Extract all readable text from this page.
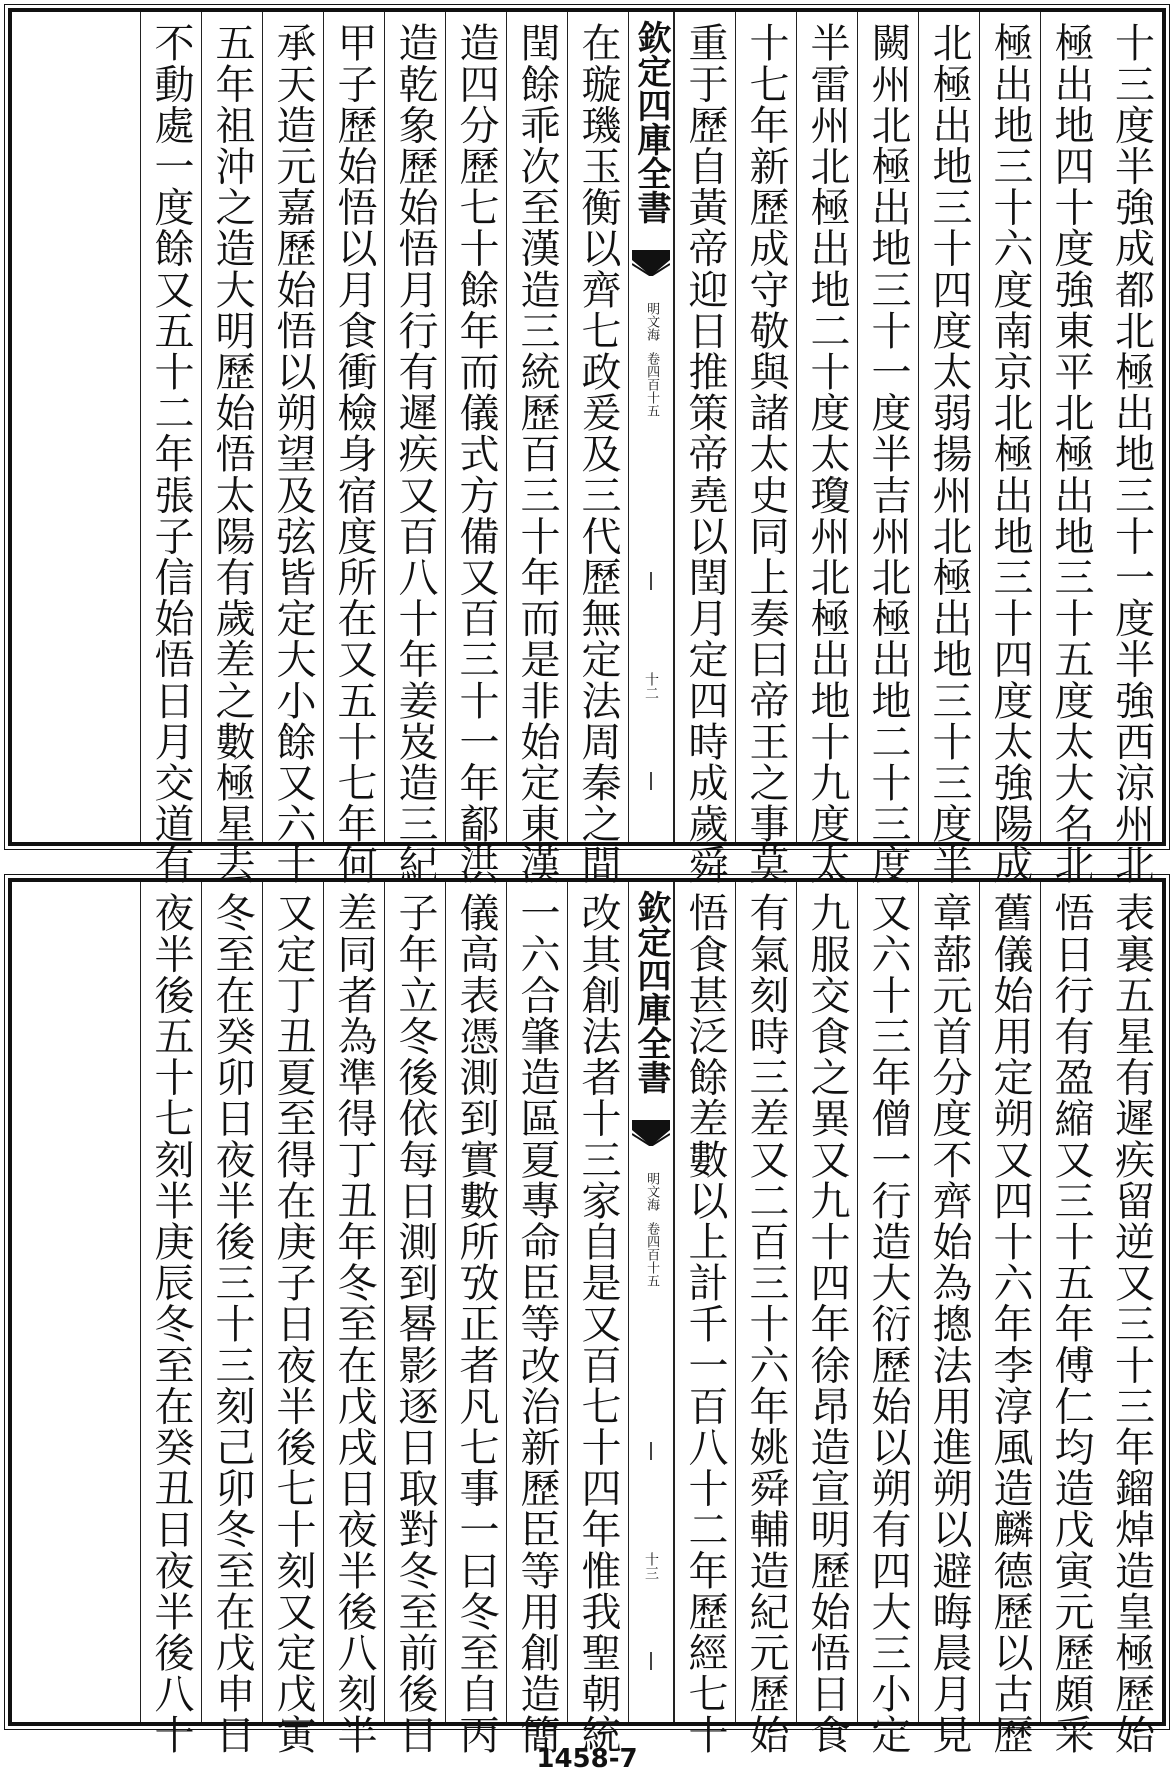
十三度半強成都北極出地三十一度半強西涼州北
極出地四十度強東平北極出地三十五度太大名北
極出地三十六度南京北極出地三十四度太強陽成
北極出地三十四度太弱揚州北極出地三十三度半
闕州北極出地三十一度半吉州北極出地二十三度
半雷州北極出地二十度太瓊州北極出地十九度太
十七年新歷成守敬與諸太史同上奏曰帝王之事莫
重于歷自黃帝迎日推策帝堯以閏月定四時成歲舜
欽定四庫全書
明文海
卷四百十五
十二
在璇璣玉衡以齊七政爰及三代歷無定法周秦之間
閏餘乖次至漢造三統歷百三十年而是非始定東漢
造四分歷七十餘年而儀式方備又百三十一年鄐洪
造乾象歷始悟月行有遲疾又百八十年姜岌造三紀
甲子歷始悟以月食衝檢身宿度所在又五十七年何
承天造元嘉歷始悟以朔望及弦皆定大小餘又六十
五年祖沖之造大明歷始悟太陽有歲差之數極星去
不動處一度餘又五十二年張子信始悟日月交道有
表裏五星有遲疾留逆又三十三年鎦焯造皇極歷始
悟日行有盈縮又三十五年傅仁均造戊寅元歷頗采
舊儀始用定朔又四十六年李淳風造麟德歷以古歷
章蔀元首分度不齊始為摠法用進朔以避晦晨月見
又六十三年僧一行造大衍歷始以朔有四大三小定
九服交食之異又九十四年徐昂造宣明歷始悟日食
有氣刻時三差又二百三十六年姚舜輔造紀元歷始
悟食甚泛餘差數以上計千一百八十二年歷經七十
欽定四庫全書
明文海
卷四百十五
十三
改其創法者十三家自是又百七十四年惟我聖朝統
一六合肇造區夏專命臣等改治新歷臣等用創造簡
儀高表憑測到實數所攷正者凡七事一曰冬至自丙
子年立冬後依每日測到晷影逐日取對冬至前後日
差同者為準得丁丑年冬至在戊戌日夜半後八刻半
又定丁丑夏至得在庚子日夜半後七十刻又定戊寅
冬至在癸卯日夜半後三十三刻己卯冬至在戊申日
夜半後五十七刻半庚辰冬至在癸丑日夜半後八十
1458-7
